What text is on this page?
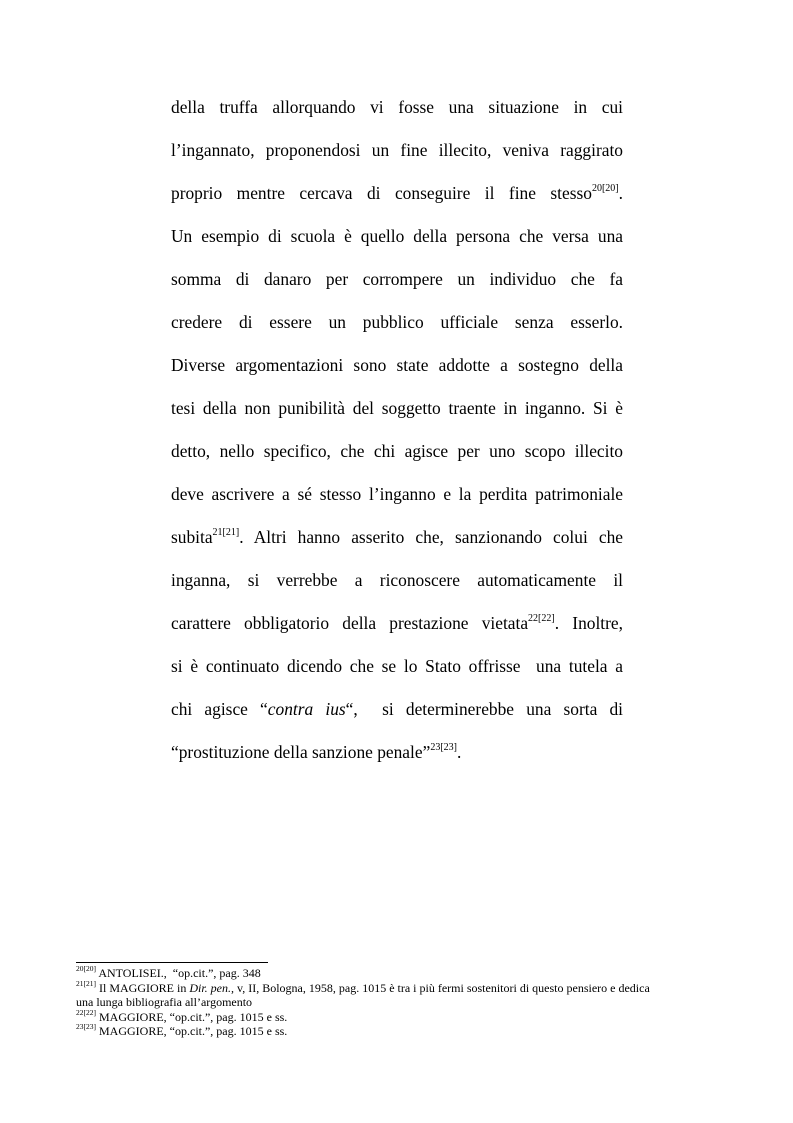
della truffa allorquando vi fosse una situazione in cui
l’ingannato, proponendosi un fine illecito, veniva raggirato
proprio mentre cercava di conseguire il fine stesso$^{20[20]}$.
Un esempio di scuola è quello della persona che versa una
somma di danaro per corrompere un individuo che fa
credere di essere un pubblico ufficiale senza esserlo.
Diverse argomentazioni sono state addotte a sostegno della
tesi della non punibilità del soggetto traente in inganno. Si è
detto, nello specifico, che chi agisce per uno scopo illecito
deve ascrivere a sé stesso l’inganno e la perdita patrimoniale
subita$^{21[21]}$. Altri hanno asserito che, sanzionando colui che
inganna, si verrebbe a riconoscere automaticamente il
carattere obbligatorio della prestazione vietata$^{22[22]}$. Inoltre,
si è continuato dicendo che se lo Stato offrisse  una tutela a
chi agisce “contra ius“,  si determinerebbe una sorta di
“prostituzione della sanzione penale”$^{23[23]}$.
$^{20[20]}$ ANTOLISEI.,  “op.cit.”, pag. 348
$^{21[21]}$ Il MAGGIORE in Dir. pen., v, II, Bologna, 1958, pag. 1015 è tra i più fermi sostenitori di questo pensiero e dedica
una lunga bibliografia all’argomento
$^{22[22]}$ MAGGIORE, “op.cit.”, pag. 1015 e ss.
$^{23[23]}$ MAGGIORE, “op.cit.”, pag. 1015 e ss.
